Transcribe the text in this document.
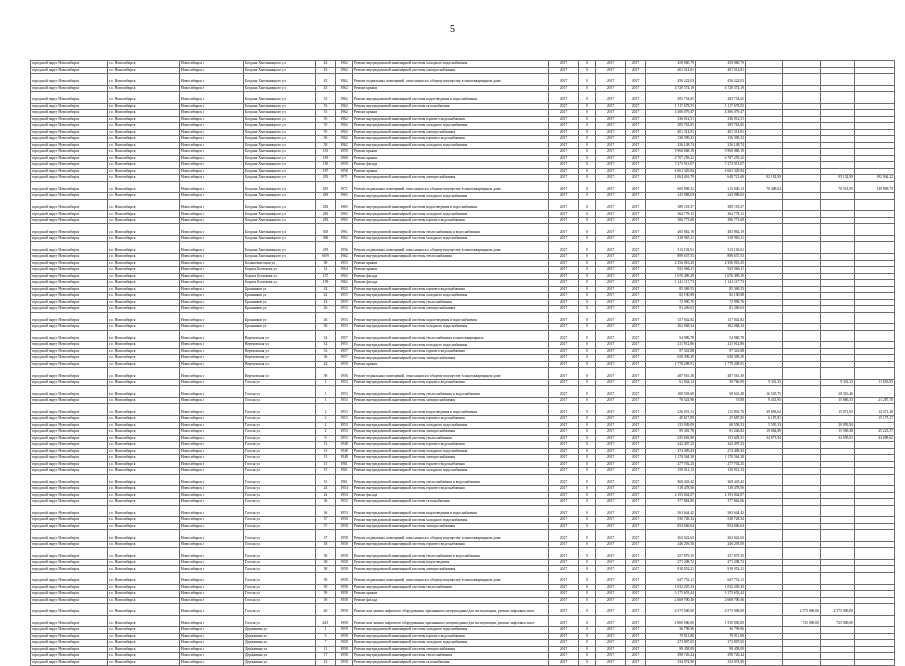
5
городской округ Новосибирск	г.о. Новосибирск	Новосибирск г	Богдана Хмельницкого ул	43	1962	Ремонт внутридомовой инженерной системы холодного водоснабжения	2017	0	2017	2017	459 960,79	459 960,79				
городской округ Новосибирск	г.о. Новосибирск	Новосибирск г	Богдана Хмельницкого ул	43	1962	Ремонт внутридомовой инженерной системы электроснабжения	2017	0	2017	2017	401 314,81	401 314,81				
городской округ Новосибирск	г.о. Новосибирск	Новосибирск г	Богдана Хмельницкого ул	45	1962	Ремонт подвальных помещений, относящихся к общему имуществу в многоквартирном доме	2017	0	2017	2017	456 222,03	456 222,03				
городской округ Новосибирск	г.о. Новосибирск	Новосибирск г	Богдана Хмельницкого ул	45	1962	Ремонт крыши	2017	0	2017	2017	4 720 374,19	4 720 374,19				
городской округ Новосибирск	г.о. Новосибирск	Новосибирск г	Богдана Хмельницкого ул	53	1962	Ремонт внутридомовой инженерной системы водоотведения и водоснабжения	2017	0	2017	2017	285 754,65	285 754,65				
городской округ Новосибирск	г.о. Новосибирск	Новосибирск г	Богдана Хмельницкого ул	55	1962	Ремонт внутридомовой инженерной системы газоснабжения	2017	0	2017	2017	1 117 678,55	1 117 678,55				
городской округ Новосибирск	г.о. Новосибирск	Новосибирск г	Богдана Хмельницкого ул	55	1962	Ремонт крыши	2017	0	2017	2017	4 306 079,47	4 306 079,47				
городской округ Новосибирск	г.о. Новосибирск	Новосибирск г	Богдана Хмельницкого ул	55	1962	Ремонт внутридомовой инженерной системы горячего водоснабжения	2017	0	2017	2017	336 912,51	336 912,51				
городской округ Новосибирск	г.о. Новосибирск	Новосибирск г	Богдана Хмельницкого ул	55	1962	Ремонт внутридомовой инженерной системы холодного водоснабжения	2017	0	2017	2017	285 763,65	285 763,65				
городской округ Новосибирск	г.о. Новосибирск	Новосибирск г	Богдана Хмельницкого ул	55	1962	Ремонт внутридомовой инженерной системы электроснабжения	2017	0	2017	2017	401 314,81	401 314,81				
городской округ Новосибирск	г.о. Новосибирск	Новосибирск г	Богдана Хмельницкого ул	56	1962	Ремонт внутридомовой инженерной системы горячего водоснабжения	2017	0	2017	2017	136 399,23	136 399,23				
городской округ Новосибирск	г.о. Новосибирск	Новосибирск г	Богдана Хмельницкого ул	58	1962	Ремонт внутридомовой инженерной системы холодного водоснабжения	2017	0	2017	2017	326 148,74	326 148,74				
городской округ Новосибирск	г.о. Новосибирск	Новосибирск г	Богдана Хмельницкого ул	181	1959	Ремонт крыши	2017	0	2017	2017	5 968 068,19	5 968 068,19				
городской округ Новосибирск	г.о. Новосибирск	Новосибирск г	Богдана Хмельницкого ул	183	1960	Ремонт крыши	2017	0	2017	2017	4 707 259,22	4 707 259,22				
городской округ Новосибирск	г.о. Новосибирск	Новосибирск г	Богдана Хмельницкого ул	185	1959	Ремонт фасада	2017	0	2017	2017	7 273 913,07	7 273 913,07				
городской округ Новосибирск	г.о. Новосибирск	Новосибирск г	Богдана Хмельницкого ул	187	1958	Ремонт крыши	2017	0	2017	2017	4 661 329,84	4 661 329,84				
городской округ Новосибирск	г.о. Новосибирск	Новосибирск г	Богдана Хмельницкого ул	281	1971	Ремонт внутридомовой инженерной системы электроснабжения	2017	0	2017	2017	1 063 416,79	648 721,68	92 182,99		95 132,99	192 944,22
городской округ Новосибирск	г.о. Новосибирск	Новосибирск г	Богдана Хмельницкого ул	281	1971	Ремонт подвальных помещений, относящихся к общему имуществу в многоквартирном доме	2017	0	2017	2017	600 908,32	213 040,13	70 408,64		70 514,09	139 809,75
городской округ Новосибирск	г.о. Новосибирск	Новосибирск г	Богдана Хмельницкого ул	283	1965	Ремонт внутридомовой инженерной системы холодного водоснабжения	2017	0	2017	2017	243 988,63	243 988,63				
городской округ Новосибирск	г.о. Новосибирск	Новосибирск г	Богдана Хмельницкого ул	283	1965	Ремонт внутридомовой инженерной системы водоотведения и водоснабжения	2017	0	2017	2017	389 118,37	389 118,37				
городской округ Новосибирск	г.о. Новосибирск	Новосибирск г	Богдана Хмельницкого ул	283	1965	Ремонт внутридомовой инженерной системы холодного водоснабжения	2017	0	2017	2017	364 778,12	364 778,12				
городской округ Новосибирск	г.о. Новосибирск	Новосибирск г	Богдана Хмельницкого ул	283	1965	Ремонт внутридомовой инженерной системы горячего водоснабжения	2017	0	2017	2017	306 773,68	306 773,68				
городской округ Новосибирск	г.о. Новосибирск	Новосибирск г	Богдана Хмельницкого ул	305	1961	Ремонт внутридомовой инженерной системы теплоснабжения и водоснабжения	2017	0	2017	2017	405 862,19	405 862,19				
городской округ Новосибирск	г.о. Новосибирск	Новосибирск г	Богдана Хмельницкого ул	306	1962	Ремонт внутридомовой инженерной системы холодного водоснабжения	2017	0	2017	2017	318 965,11	318 965,11				
городской округ Новосибирск	г.о. Новосибирск	Новосибирск г	Богдана Хмельницкого ул	419	1956	Ремонт подвальных помещений, относящихся к общему имуществу в многоквартирном доме	2017	0	2017	2017	313 192,61	313 192,61				
городской округ Новосибирск	г.о. Новосибирск	Новосибирск г	Богдана Хмельницкого ул	60/9	1962	Ремонт внутридомовой инженерной системы теплоснабжения	2017	0	2017	2017	889 637,53	889 637,53				
городской округ Новосибирск	г.о. Новосибирск	Новосибирск г	Большевистская ул	38	1953	Ремонт крыши	2017	0	2017	2017	2 356 916,45	2 356 916,45				
городской округ Новосибирск	г.о. Новосибирск	Новосибирск г	Бориса Богаткова ул	14	1964	Ремонт крыши	2017	0	2017	2017	925 066,11	925 066,11				
городской округ Новосибирск	г.о. Новосибирск	Новосибирск г	Бориса Богаткова ул	157	1962	Ремонт фасада	2017	0	2017	2017	1 676 499,29	1 676 499,29				
городской округ Новосибирск	г.о. Новосибирск	Новосибирск г	Бориса Богаткова ул	159	1962	Ремонт фасада	2017	0	2017	2017	1 141 117,73	1 141 117,73				
городской округ Новосибирск	г.о. Новосибирск	Новосибирск г	Бронников ул	24	1955	Ремонт внутридомовой инженерной системы горячего водоснабжения	2017	0	2017	2017	85 369,53	85 369,53				
городской округ Новосибирск	г.о. Новосибирск	Новосибирск г	Бронников ул	24	1955	Ремонт внутридомовой инженерной системы холодного водоснабжения	2017	0	2017	2017	82 100,88	82 100,88				
городской округ Новосибирск	г.о. Новосибирск	Новосибирск г	Бронников ул	24	1955	Ремонт внутридомовой инженерной системы теплоснабжения	2017	0	2017	2017	72 990,76	72 990,76				
городской округ Новосибирск	г.о. Новосибирск	Новосибирск г	Бронников ул	26	1953	Ремонт внутридомовой инженерной системы электроснабжения	2017	0	2017	2017	81 269,63	81 269,63				
городской округ Новосибирск	г.о. Новосибирск	Новосибирск г	Бронников ул	26	1953	Ремонт внутридомовой инженерной системы водоотведения и водоснабжения	2017	0	2017	2017	157 042,82	157 042,82				
городской округ Новосибирск	г.о. Новосибирск	Новосибирск г	Бронников ул	30	1953	Ремонт внутридомовой инженерной системы холодного водоснабжения	2017	0	2017	2017	362 068,34	362 068,34				
городской округ Новосибирск	г.о. Новосибирск	Новосибирск г	Вертковская ул	24	1957	Ремонт внутридомовой инженерной системы теплоснабжения в многоквартирных	2017	0	2017	2017	54 986,78	54 986,78				
городской округ Новосибирск	г.о. Новосибирск	Новосибирск г	Вертковская ул	32	1955	Ремонт внутридомовой инженерной системы холодного водоснабжения	2017	0	2017	2017	211 912,86	211 912,86				
городской округ Новосибирск	г.о. Новосибирск	Новосибирск г	Вертковская ул	33	1957	Ремонт внутридомовой инженерной системы горячего водоснабжения	2017	0	2017	2017	97 341,88	97 341,88				
городской округ Новосибирск	г.о. Новосибирск	Новосибирск г	Вертковская ул	36	1957	Ремонт внутридомовой инженерной системы электроснабжения	2017	0	2017	2017	658 309,29	658 309,29				
городской округ Новосибирск	г.о. Новосибирск	Новосибирск г	Вертковская ул	42	1959	Ремонт крыши	2017	0	2017	2017	1 778 208,91	1 778 208,91				
городской округ Новосибирск	г.о. Новосибирск	Новосибирск г	Вертковская ул	58	1956	Ремонт подвальных помещений, относящихся к общему имуществу в многоквартирном доме	2017	0	2017	2017	487 561,30	487 561,30				
городской округ Новосибирск	г.о. Новосибирск	Новосибирск г	Гоголя ул	1	1953	Ремонт внутридомовой инженерной системы горячего водоснабжения	2017	0	2017	2017	61 844,14	38 760,09	9 341,35		9 341,25	11 653,95
городской округ Новосибирск	г.о. Новосибирск	Новосибирск г	Гоголя ул	1	1953	Ремонт внутридомовой инженерной системы теплоснабжения и водоснабжения	2017	0	2017	2017	109 503,69	68 641,48	16 545,75		20 316,46	
городской округ Новосибирск	г.о. Новосибирск	Новосибирск г	Гоголя ул	1	1953	Ремонт внутридомовой инженерной системы электроснабжения	2017	0	2017	2017	76 524,96	5 038	9 441,95		15 866,53	21 287,76
городской округ Новосибирск	г.о. Новосибирск	Новосибирск г	Гоголя ул	2	1953	Ремонт внутридомовой инженерной системы водоотведения и водоснабжения	2017	0	2017	2017	226 031,31	115 801,70	29 683,62		15 871,05	14 371,28
городской округ Новосибирск	г.о. Новосибирск	Новосибирск г	Гоголя ул	2	1953	Ремонт внутридомовой инженерной системы горячего водоснабжения	2017	0	2017	2017	40 617,89	25 687,85	6 187,81			15 175,17
городской округ Новосибирск	г.о. Новосибирск	Новосибирск г	Гоголя ул	2	1953	Ремонт внутридомовой инженерной системы холодного водоснабжения	2017	0	2017	2017	133 949,09	68 558,33	5 505,33		20 093,94	
городской округ Новосибирск	г.о. Новосибирск	Новосибирск г	Гоголя ул	2	1953	Ремонт внутридомовой инженерной системы электроснабжения	2017	0	2017	2017	99 381,78	81 246,82	19 064,89		15 569,48	25 223,57
городской округ Новосибирск	г.о. Новосибирск	Новосибирск г	Гоголя ул	9	1953	Ремонт внутридомовой инженерной системы теплоснабжения	2017	0	2017	2017	325 603,90	153 603,51	34 973,94		34 595,61	44 808,62
городской округ Новосибирск	г.о. Новосибирск	Новосибирск г	Гоголя ул	13	1948	Ремонт внутридомовой инженерной системы горячего водоснабжения	2017	0	2017	2017	342 497,23	342 497,23				
городской округ Новосибирск	г.о. Новосибирск	Новосибирск г	Гоголя ул	13	1948	Ремонт внутридомовой инженерной системы холодного водоснабжения	2017	0	2017	2017	274 409,43	274 409,43				
городской округ Новосибирск	г.о. Новосибирск	Новосибирск г	Гоголя ул	13	1948	Ремонт внутридомовой инженерной системы электроснабжения	2017	0	2017	2017	1 170 564,38	1 170 564,38				
городской округ Новосибирск	г.о. Новосибирск	Новосибирск г	Гоголя ул	15	1961	Ремонт внутридомовой инженерной системы горячего водоснабжения	2017	0	2017	2017	277 702,25	277 702,25				
городской округ Новосибирск	г.о. Новосибирск	Новосибирск г	Гоголя ул	15	1961	Ремонт внутридомовой инженерной системы холодного водоснабжения	2017	0	2017	2017	150 012,13	150 012,13				
городской округ Новосибирск	г.о. Новосибирск	Новосибирск г	Гоголя ул	15	1961	Ремонт внутридомовой инженерной системы теплоснабжения и водоснабжения	2017	0	2017	2017	369 443,42	369 443,42				
городской округ Новосибирск	г.о. Новосибирск	Новосибирск г	Гоголя ул	24	1954	Ремонт внутридомовой инженерной системы горячего водоснабжения	2017	0	2017	2017	118 478,56	118 478,56				
городской округ Новосибирск	г.о. Новосибирск	Новосибирск г	Гоголя ул	24	1954	Ремонт фасада	2017	0	2017	2017	2 193 844,07	2 193 844,07				
городской округ Новосибирск	г.о. Новосибирск	Новосибирск г	Гоголя ул	36	1953	Ремонт внутридомовой инженерной системы газоснабжения	2017	0	2017	2017	377 862,06	377 862,06				
городской округ Новосибирск	г.о. Новосибирск	Новосибирск г	Гоголя ул	36	1953	Ремонт внутридомовой инженерной системы водоотведения и водоснабжения	2017	0	2017	2017	563 644,42	563 644,42				
городской округ Новосибирск	г.о. Новосибирск	Новосибирск г	Гоголя ул	37	1958	Ремонт внутридомовой инженерной системы холодного водоснабжения	2017	0	2017	2017	530 728,34	530 728,34				
городской округ Новосибирск	г.о. Новосибирск	Новосибирск г	Гоголя ул	37	1958	Ремонт внутридомовой инженерной системы электроснабжения	2017	0	2017	2017	854 666,64	854 666,64				
городской округ Новосибирск	г.о. Новосибирск	Новосибирск г	Гоголя ул	37	1958	Ремонт подвальных помещений, относящихся к общему имуществу в многоквартирном доме	2017	0	2017	2017	263 022,63	263 022,63				
городской округ Новосибирск	г.о. Новосибирск	Новосибирск г	Гоголя ул	38	1958	Ремонт внутридомовой инженерной системы горячего водоснабжения	2017	0	2017	2017	246 293,50	246 293,50				
городской округ Новосибирск	г.о. Новосибирск	Новосибирск г	Гоголя ул	38	1958	Ремонт внутридомовой инженерной системы теплоснабжения и водоснабжения	2017	0	2017	2017	257 879,35	257 879,35				
городской округ Новосибирск	г.о. Новосибирск	Новосибирск г	Гоголя ул	38	1958	Ремонт внутридомовой инженерной системы водоотведения	2017	0	2017	2017	271 208,72	271 208,72				
городской округ Новосибирск	г.о. Новосибирск	Новосибирск г	Гоголя ул	38	1958	Ремонт внутридомовой инженерной системы электроснабжения	2017	0	2017	2017	918 952,21	918 952,21				
городской округ Новосибирск	г.о. Новосибирск	Новосибирск г	Гоголя ул	39	1958	Ремонт подвальных помещений, относящихся к общему имуществу в многоквартирном доме	2017	0	2017	2017	647 752,11	647 752,11				
городской округ Новосибирск	г.о. Новосибирск	Новосибирск г	Гоголя ул	39	1958	Ремонт внутридомовой инженерной системы теплоснабжения	2017	0	2017	2017	1 032 205,33	1 032 205,33				
городской округ Новосибирск	г.о. Новосибирск	Новосибирск г	Гоголя ул	39	1958	Ремонт крыши	2017	0	2017	2017	3 175 653,44	3 175 653,44				
городской округ Новосибирск	г.о. Новосибирск	Новосибирск г	Гоголя ул	39	1958	Ремонт фасада	2017	0	2017	2017	2 668 700,46	2 668 700,46				
городской округ Новосибирск	г.о. Новосибирск	Новосибирск г	Гоголя ул	40	1958	Ремонт или замена лифтового оборудования, признанного непригодным для эксплуатации, ремонт лифтовых шахт	2017	0	2017	2017	4 575 000,00	4 575 000,00		2 575 000,00	2 575 000,00	
городской округ Новосибирск	г.о. Новосибирск	Новосибирск г	Гоголя ул	44/1	1958	Ремонт или замена лифтового оборудования, признанного непригодным для эксплуатации, ремонт лифтовых шахт	2017	0	2017	2017	2 800 000,00	1 550 000,00		725 000,00	725 000,00	
городской округ Новосибирск	г.о. Новосибирск	Новосибирск г	Державина ул	1	1959	Ремонт внутридомовой инженерной системы холодного водоснабжения	2017	0	2017	2017	36 799,96	36 799,96				
городской округ Новосибирск	г.о. Новосибирск	Новосибирск г	Державина ул	5	1958	Ремонт внутридомовой инженерной системы горячего водоснабжения	2017	0	2017	2017	79 911,88	79 911,88				
городской округ Новосибирск	г.о. Новосибирск	Новосибирск г	Державина ул	7	1958	Ремонт внутридомовой инженерной системы холодного водоснабжения	2017	0	2017	2017	273 807,65	273 807,65				
городской округ Новосибирск	г.о. Новосибирск	Новосибирск г	Державина ул	11	1958	Ремонт внутридомовой инженерной системы электроснабжения	2017	0	2017	2017	98 458,09	98 458,09				
городской округ Новосибирск	г.о. Новосибирск	Новосибирск г	Державина ул	17	1958	Ремонт внутридомовой инженерной системы теплоснабжения	2017	0	2017	2017	298 726,44	298 726,44				
городской округ Новосибирск	г.о. Новосибирск	Новосибирск г	Державина ул	23	1958	Ремонт внутридомовой инженерной системы газоснабжения	2017	0	2017	2017	334 074,90	334 074,90				
